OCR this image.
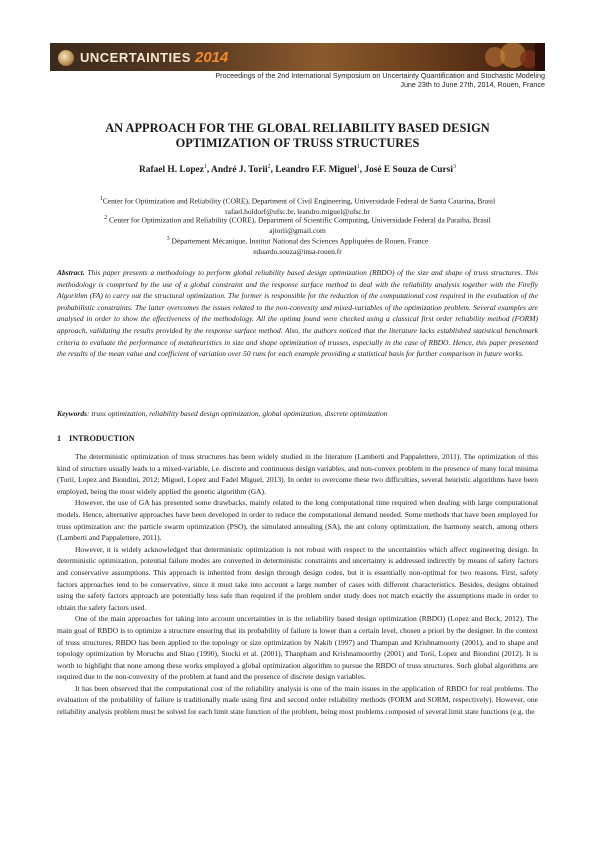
UNCERTAINTIES 2014
Proceedings of the 2nd International Symposium on Uncertainty Quantification and Stochastic Modeling
June 23th to June 27th, 2014, Rouen, France
AN APPROACH FOR THE GLOBAL RELIABILITY BASED DESIGN
OPTIMIZATION OF TRUSS STRUCTURES
Rafael H. Lopez$^1$, André J. Torii$^2$, Leandro F.F. Miguel$^1$, José E Souza de Cursi$^3$
$^1$Center for Optimization and Reliability (CORE), Department of Civil Engineering, Universidade Federal de Santa Catarina, Brasil
rafael.holdorf@ufsc.br, leandro.miguel@ufsc.br
$^2$ Center for Optimization and Reliability (CORE), Department of Scientific Computing, Universidade Federal da Paraiba, Brasil
ajtorii@gmail.com
$^3$ Département Mécanique, Institut National des Sciences Appliquées de Rouen, France
eduardo.souza@insa-rouen.fr
Abstract. This paper presents a methodology to perform global reliability based design optimization (RBDO) of the size and shape of truss structures. This methodology is comprised by the use of a global constraint and the response surface method to deal with the reliability analysis together with the Firefly Algorithm (FA) to carry out the structural optimization. The former is responsible for the reduction of the computational cost required in the evaluation of the probabilistic constraints. The latter overcomes the issues related to the non-convexity and mixed-variables of the optimization problem. Several examples are analysed in order to show the effectiveness of the methodology. All the optima found were checked using a classical first order reliability method (FORM) approach, validating the results provided by the response surface method. Also, the authors noticed that the literature lacks established statistical benchmark criteria to evaluate the performance of metaheuristics in size and shape optimization of trusses, especially in the case of RBDO. Hence, this paper presented the results of the mean value and coefficient of variation over 50 runs for each example providing a statistical basis for further comparison in future works.
Keywords: truss optimization, reliability based design optimization, global optimization, discrete optimization
1 INTRODUCTION

The deterministic optimization of truss structures has been widely studied in the literature (Lamberti and Pappalettere, 2011). The optimization of this kind of structure usually leads to a mixed-variable, i.e. discrete and continuous design variables, and non-convex problem in the presence of many local minima (Torii, Lopez and Biondini, 2012; Miguel, Lopez and Fadel Miguel, 2013). In order to overcome these two difficulties, several heuristic algorithms have been employed, being the most widely applied the genetic algorithm (GA).

However, the use of GA has presented some drawbacks, mainly related to the long computational time required when dealing with large computational models. Hence, alternative approaches have been developed in order to reduce the computational demand needed. Some methods that have been employed for truss optimization are: the particle swarm optimization (PSO), the simulated annealing (SA), the ant colony optimization, the harmony search, among others (Lamberti and Pappalettere, 2011).

However, it is widely acknowledged that deterministic optimization is not robust with respect to the uncertainties which affect engineering design. In deterministic optimization, potential failure modes are converted in deterministic constraints and uncertainty is addressed indirectly by means of safety factors and conservative assumptions. This approach is inherited from design through design codes, but it is essentially non-optimal for two reasons. First, safety factors approaches tend to be conservative, since it must take into account a large number of cases with different characteristics. Besides, designs obtained using the safety factors approach are potentially less safe than required if the problem under study does not match exactly the assumptions made in order to obtain the safety factors used.

One of the main approaches for taking into account uncertainties in is the reliability based design optimization (RBDO) (Lopez and Beck, 2012). The main goal of RBDO is to optimize a structure ensuring that its probability of failure is lower than a certain level, chosen a priori by the designer. In the context of truss structures, RBDO has been applied to the topology or size optimization by Nakib (1997) and Thampan and Krishnamoorty (2001), and to shape and topology optimization by Moruchu and Shao (1990), Stocki et al. (2001), Thanpham and Krishnamoorthy (2001) and Torii, Lopez and Biondini (2012). It is worth to highlight that none among these works employed a global optimization algorithm to pursue the RBDO of truss structures. Such global algorithms are required due to the non-convexity of the problem at hand and the presence of discrete design variables.

It has been observed that the computational cost of the reliability analysis is one of the main issues in the application of RBDO for real problems. The evaluation of the probability of failure is traditionally made using first and second order reliability methods (FORM and SORM, respectively). However, one reliability analysis problem must be solved for each limit state function of the problem, being most problems composed of several limit state functions (e.g. the
